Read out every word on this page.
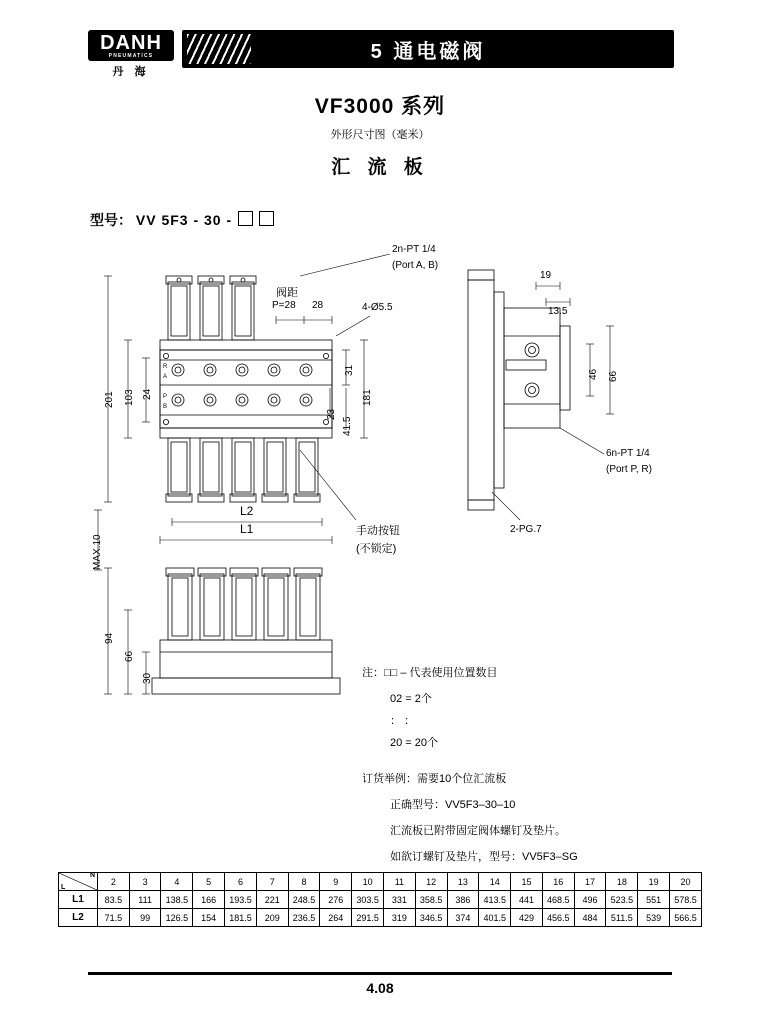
DANH
PNEUMATICS
丹 海
5 通电磁阀
VF3000 系列
外形尺寸图（毫米）
汇 流 板
型号： VV 5F3 - 30 -
2n-PT 1/4
(Port A, B)
阀距
P=28 28	4-Ø5.5
201 103 24
31
181
23
41.5
L2
L1
MAX.10
94
66
30
手动按钮
(不锁定)
19
13.5
46 66
6n-PT 1/4
(Port P, R)
2-PG.7
R
A
P
B
注：□□ – 代表使用位置数目
02 = 2个
： ：
20 = 20个
订货举例：需要10个位汇流板
正确型号：VV5F3–30–10
汇流板已附带固定阀体螺钉及垫片。
如欲订螺钉及垫片，型号：VV5F3–SG
N
L	2	3	4	5	6	7	8	9	10	11	12	13	14	15	16	17	18	19	20
L1	83.5	111	138.5	166	193.5	221	248.5	276	303.5	331	358.5	386	413.5	441	468.5	496	523.5	551	578.5
L2	71.5	99	126.5	154	181.5	209	236.5	264	291.5	319	346.5	374	401.5	429	456.5	484	511.5	539	566.5
4.08
